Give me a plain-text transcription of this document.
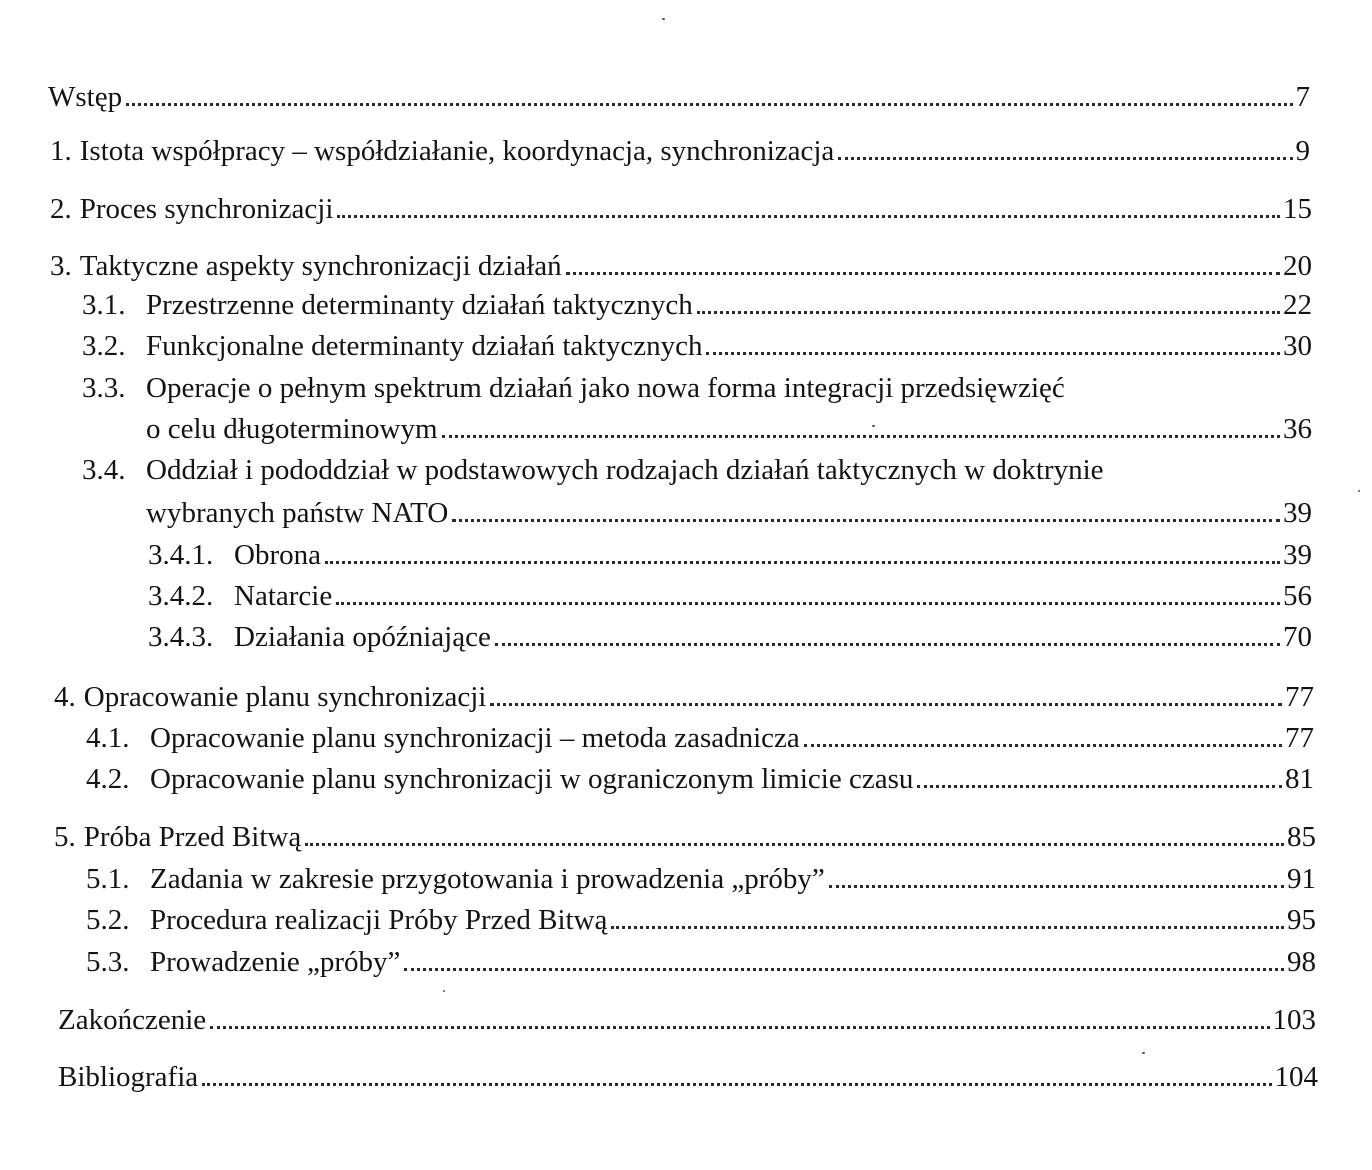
Wstęp	7
1. Istota współpracy – współdziałanie, koordynacja, synchronizacja	9
2. Proces synchronizacji	15
3. Taktyczne aspekty synchronizacji działań	20
3.1. Przestrzenne determinanty działań taktycznych	22
3.2. Funkcjonalne determinanty działań taktycznych	30
3.3. Operacje o pełnym spektrum działań jako nowa forma integracji przedsięwzięć
o celu długoterminowym	36
3.4. Oddział i pododdział w podstawowych rodzajach działań taktycznych w doktrynie
wybranych państw NATO	39
3.4.1. Obrona	39
3.4.2. Natarcie	56
3.4.3. Działania opóźniające	70
4. Opracowanie planu synchronizacji	77
4.1. Opracowanie planu synchronizacji – metoda zasadnicza	77
4.2. Opracowanie planu synchronizacji w ograniczonym limicie czasu	81
5. Próba Przed Bitwą	85
5.1. Zadania w zakresie przygotowania i prowadzenia „próby”	91
5.2. Procedura realizacji Próby Przed Bitwą	95
5.3. Prowadzenie „próby”	98
Zakończenie	103
Bibliografia	104
